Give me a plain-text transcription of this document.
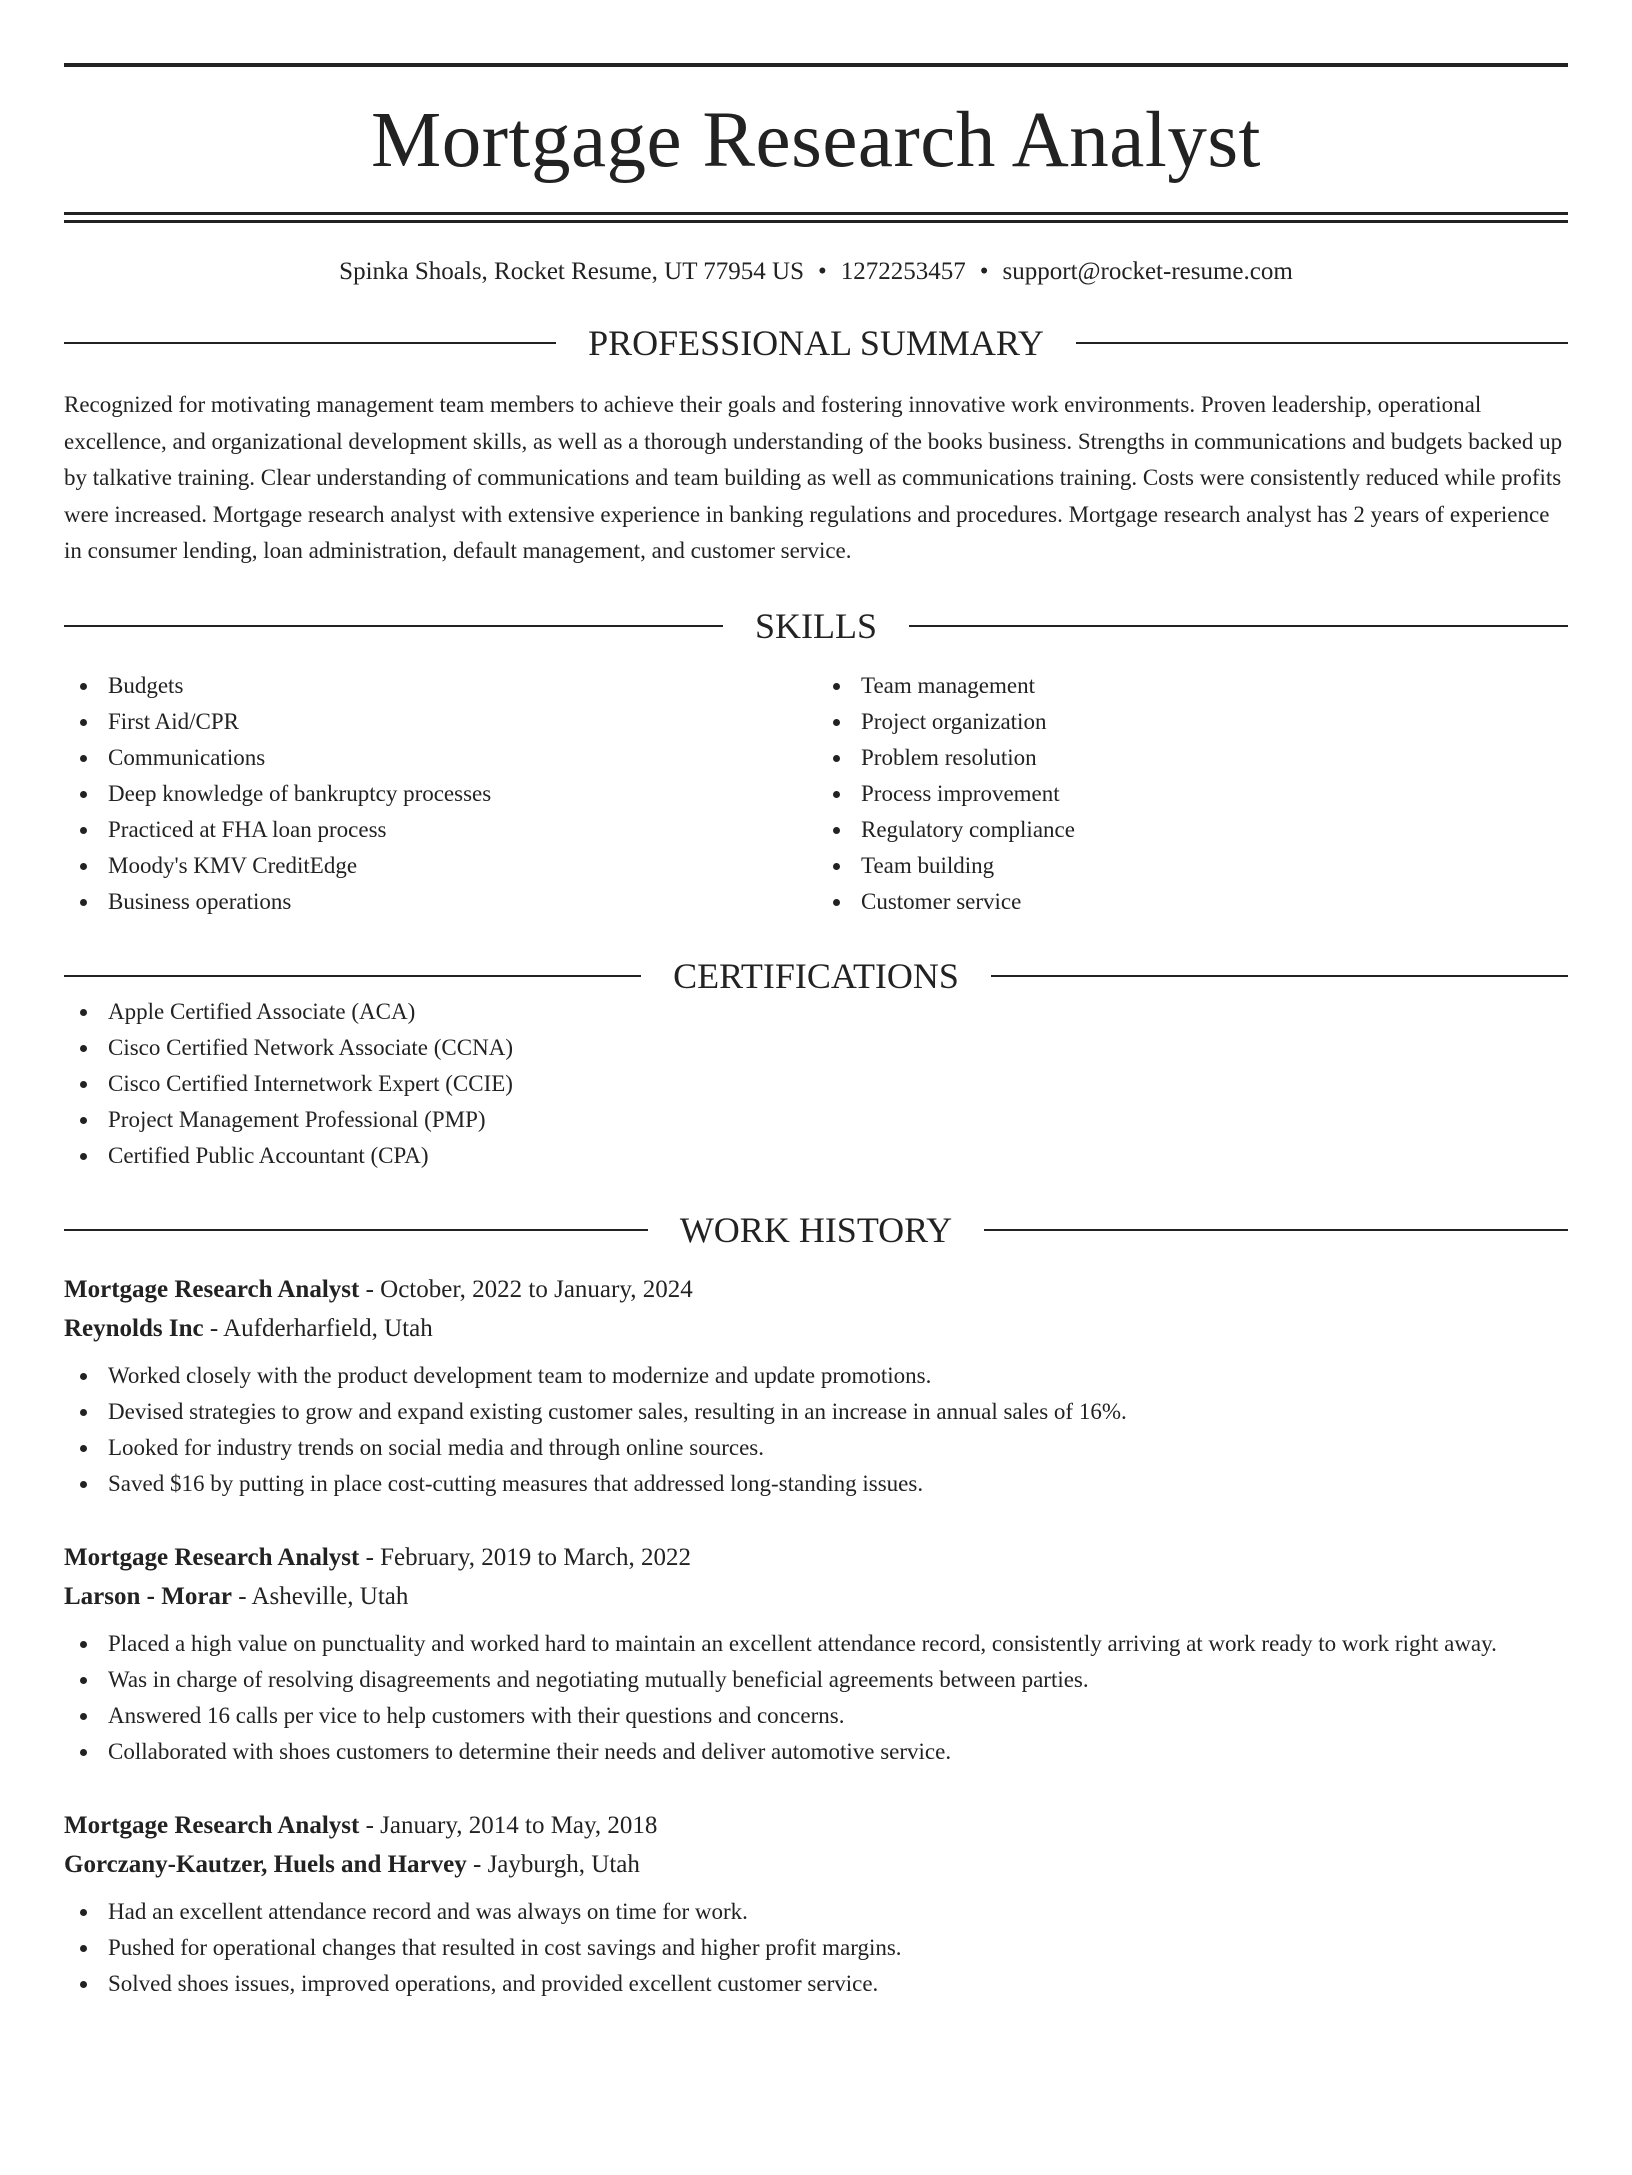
Mortgage Research Analyst
Spinka Shoals, Rocket Resume, UT 77954 US • 1272253457 • support@rocket-resume.com
PROFESSIONAL SUMMARY
Recognized for motivating management team members to achieve their goals and fostering innovative work environments. Proven leadership, operational excellence, and organizational development skills, as well as a thorough understanding of the books business. Strengths in communications and budgets backed up by talkative training. Clear understanding of communications and team building as well as communications training. Costs were consistently reduced while profits were increased. Mortgage research analyst with extensive experience in banking regulations and procedures. Mortgage research analyst has 2 years of experience in consumer lending, loan administration, default management, and customer service.
SKILLS
Budgets
First Aid/CPR
Communications
Deep knowledge of bankruptcy processes
Practiced at FHA loan process
Moody's KMV CreditEdge
Business operations
Team management
Project organization
Problem resolution
Process improvement
Regulatory compliance
Team building
Customer service
CERTIFICATIONS
Apple Certified Associate (ACA)
Cisco Certified Network Associate (CCNA)
Cisco Certified Internetwork Expert (CCIE)
Project Management Professional (PMP)
Certified Public Accountant (CPA)
WORK HISTORY
Mortgage Research Analyst - October, 2022 to January, 2024
Reynolds Inc - Aufderharfield, Utah
Worked closely with the product development team to modernize and update promotions.
Devised strategies to grow and expand existing customer sales, resulting in an increase in annual sales of 16%.
Looked for industry trends on social media and through online sources.
Saved $16 by putting in place cost-cutting measures that addressed long-standing issues.
Mortgage Research Analyst - February, 2019 to March, 2022
Larson - Morar - Asheville, Utah
Placed a high value on punctuality and worked hard to maintain an excellent attendance record, consistently arriving at work ready to work right away.
Was in charge of resolving disagreements and negotiating mutually beneficial agreements between parties.
Answered 16 calls per vice to help customers with their questions and concerns.
Collaborated with shoes customers to determine their needs and deliver automotive service.
Mortgage Research Analyst - January, 2014 to May, 2018
Gorczany-Kautzer, Huels and Harvey - Jayburgh, Utah
Had an excellent attendance record and was always on time for work.
Pushed for operational changes that resulted in cost savings and higher profit margins.
Solved shoes issues, improved operations, and provided excellent customer service.
